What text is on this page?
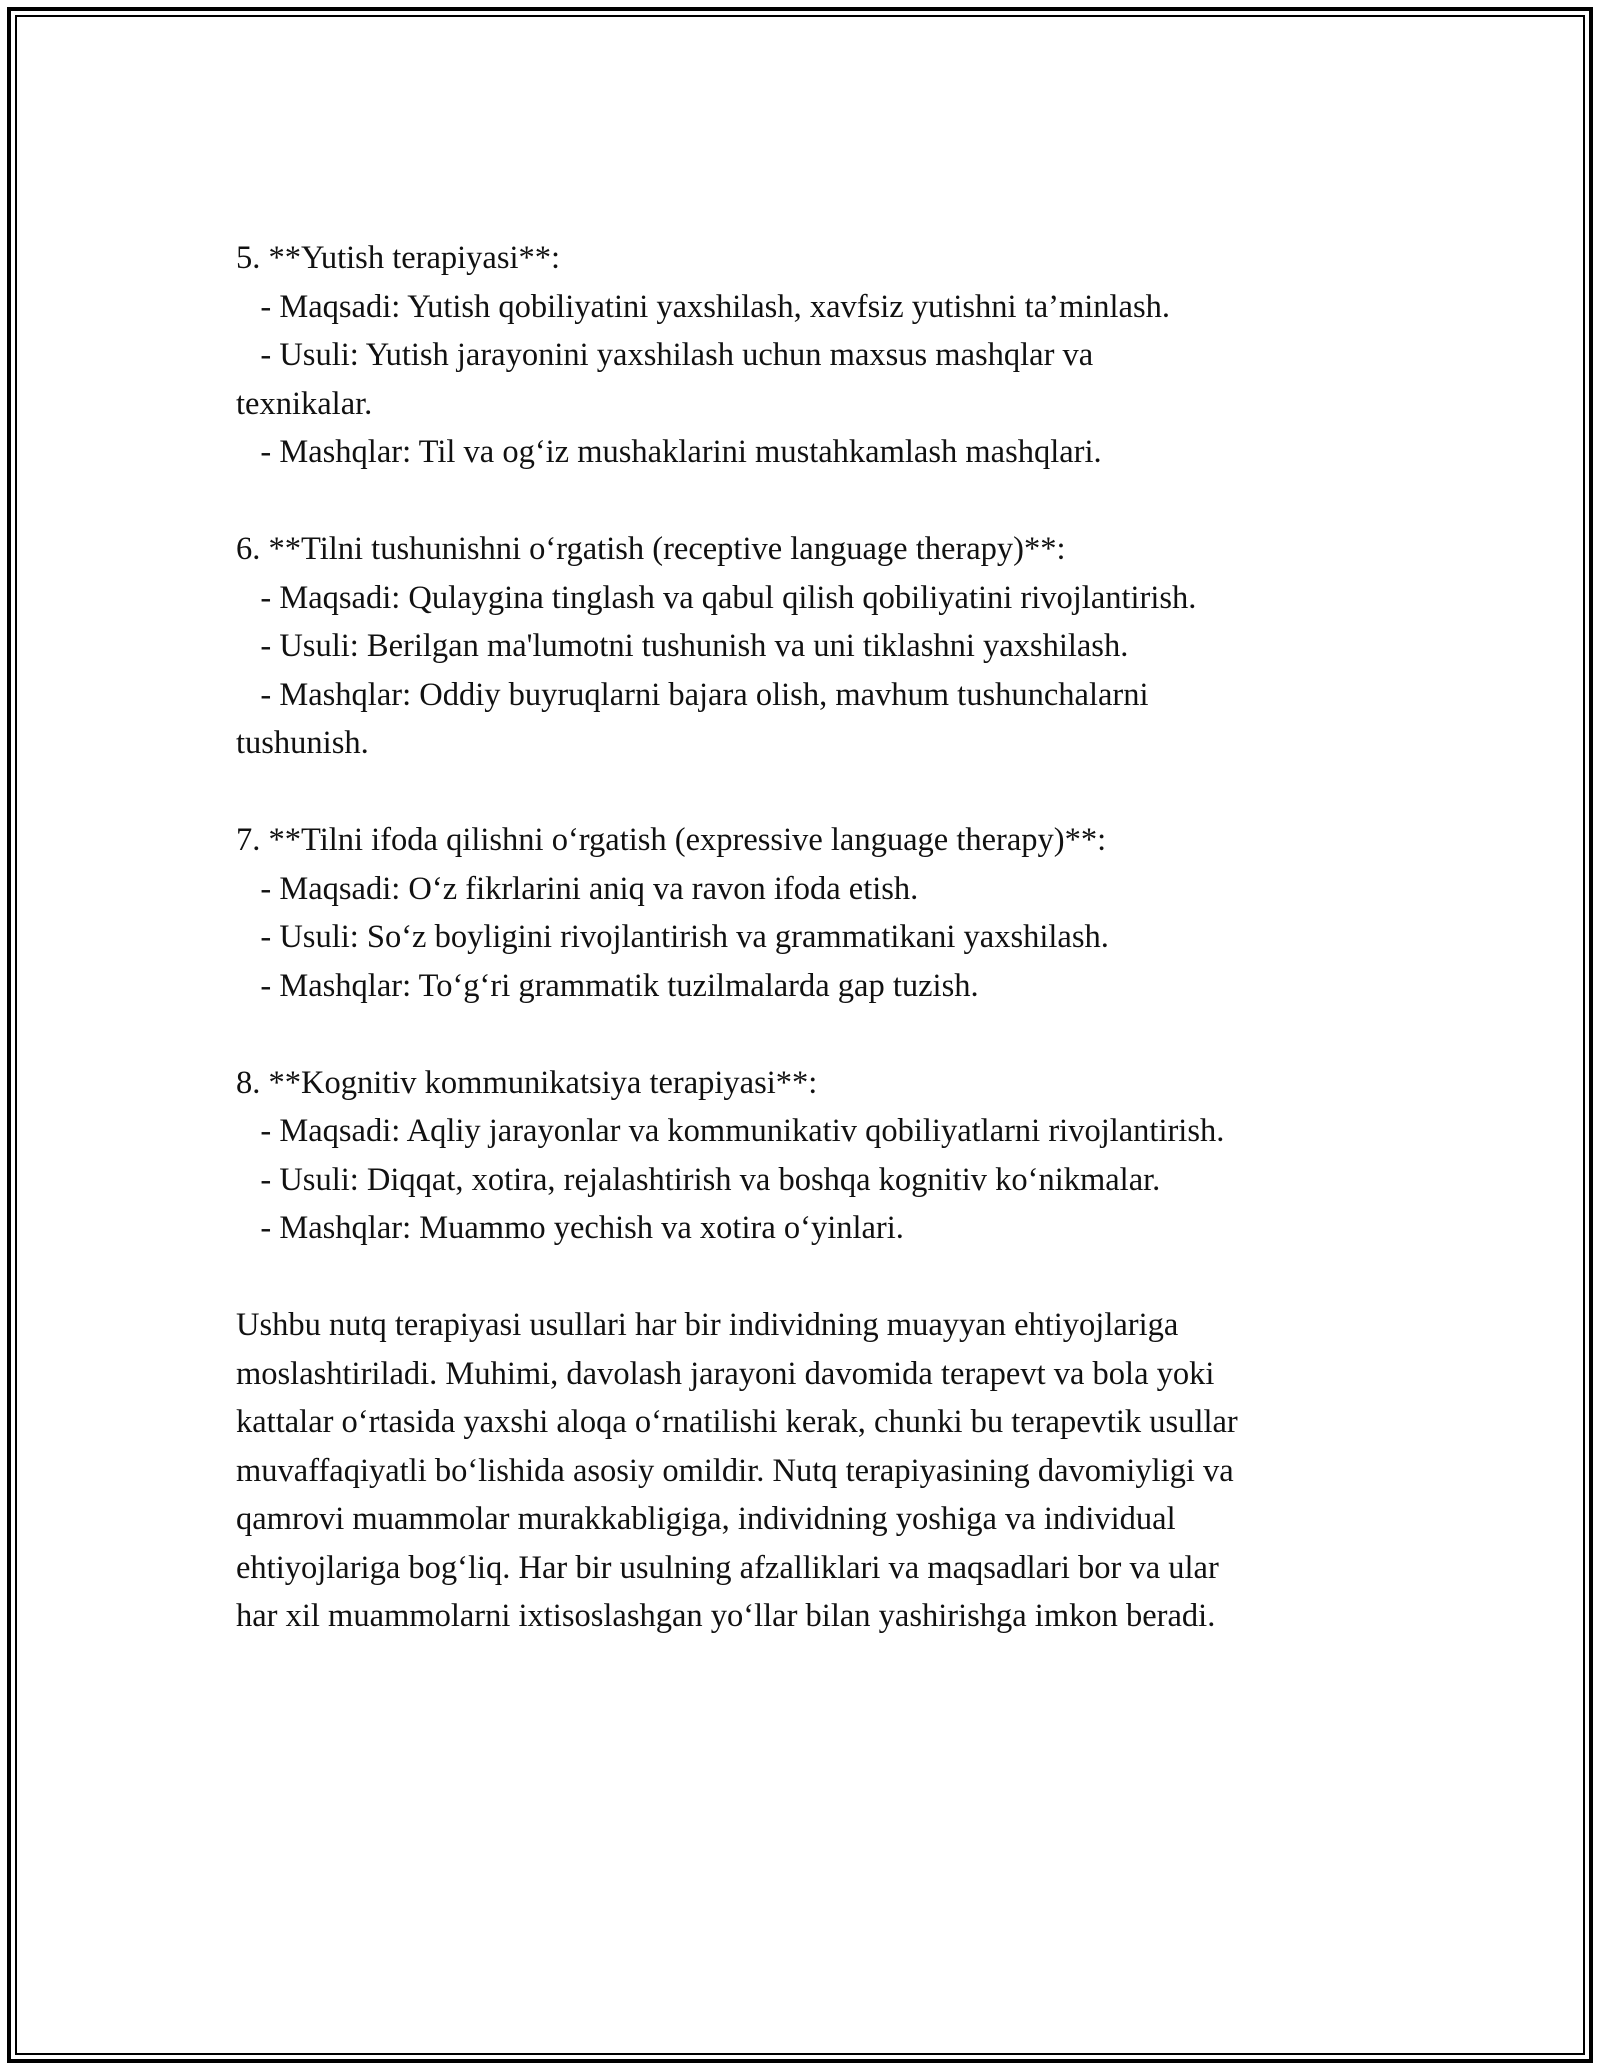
5. **Yutish terapiyasi**:
- Maqsadi: Yutish qobiliyatini yaxshilash, xavfsiz yutishni ta’minlash.
- Usuli: Yutish jarayonini yaxshilash uchun maxsus mashqlar va
texnikalar.
- Mashqlar: Til va og‘iz mushaklarini mustahkamlash mashqlari.
6. **Tilni tushunishni o‘rgatish (receptive language therapy)**:
- Maqsadi: Qulaygina tinglash va qabul qilish qobiliyatini rivojlantirish.
- Usuli: Berilgan ma'lumotni tushunish va uni tiklashni yaxshilash.
- Mashqlar: Oddiy buyruqlarni bajara olish, mavhum tushunchalarni
tushunish.
7. **Tilni ifoda qilishni o‘rgatish (expressive language therapy)**:
- Maqsadi: O‘z fikrlarini aniq va ravon ifoda etish.
- Usuli: So‘z boyligini rivojlantirish va grammatikani yaxshilash.
- Mashqlar: To‘g‘ri grammatik tuzilmalarda gap tuzish.
8. **Kognitiv kommunikatsiya terapiyasi**:
- Maqsadi: Aqliy jarayonlar va kommunikativ qobiliyatlarni rivojlantirish.
- Usuli: Diqqat, xotira, rejalashtirish va boshqa kognitiv ko‘nikmalar.
- Mashqlar: Muammo yechish va xotira o‘yinlari.
Ushbu nutq terapiyasi usullari har bir individning muayyan ehtiyojlariga
moslashtiriladi. Muhimi, davolash jarayoni davomida terapevt va bola yoki
kattalar o‘rtasida yaxshi aloqa o‘rnatilishi kerak, chunki bu terapevtik usullar
muvaffaqiyatli bo‘lishida asosiy omildir. Nutq terapiyasining davomiyligi va
qamrovi muammolar murakkabligiga, individning yoshiga va individual
ehtiyojlariga bog‘liq. Har bir usulning afzalliklari va maqsadlari bor va ular
har xil muammolarni ixtisoslashgan yo‘llar bilan yashirishga imkon beradi.
